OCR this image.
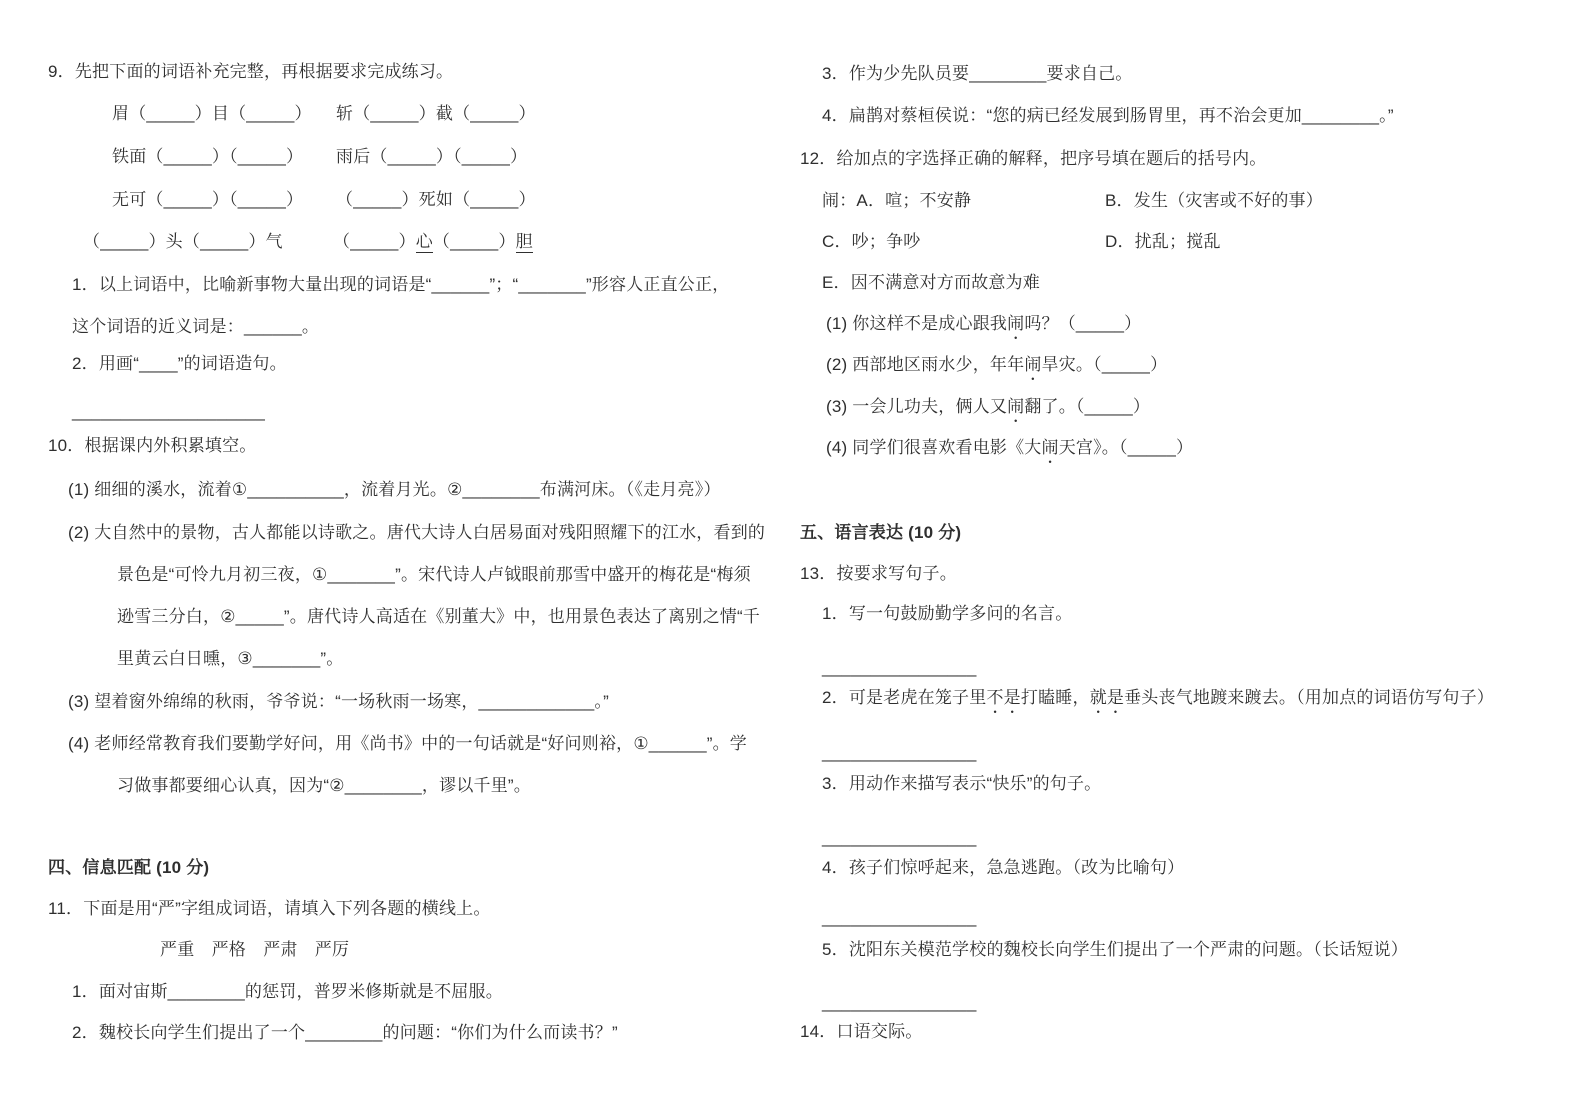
9．先把下面的词语补充完整，再根据要求完成练习。
眉（_____）目（_____） 斩（_____）截（_____）
铁面（_____）（_____） 雨后（_____）（_____）
无可（_____）（_____） （_____）死如（_____）
（_____）头（_____）气	（_____）心（_____）胆
1．以上词语中，比喻新事物大量出现的词语是“______”；“_______”形容人正直公正，
这个词语的近义词是：______。
2．用画“____”的词语造句。
____________________
10．根据课内外积累填空。
(1) 细细的溪水，流着①__________，流着月光。②________布满河床。（《走月亮》）
(2) 大自然中的景物，古人都能以诗歌之。唐代大诗人白居易面对残阳照耀下的江水，看到的
景色是“可怜九月初三夜，①_______”。宋代诗人卢钺眼前那雪中盛开的梅花是“梅须
逊雪三分白，②_____”。唐代诗人高适在《别董大》中，也用景色表达了离别之情“千
里黄云白日曛，③_______”。
(3) 望着窗外绵绵的秋雨，爷爷说：“一场秋雨一场寒，____________。”
(4) 老师经常教育我们要勤学好问，用《尚书》中的一句话就是“好问则裕，①______”。学
习做事都要细心认真，因为“②________，谬以千里”。
四、信息匹配 (10 分)
11．下面是用“严”字组成词语，请填入下列各题的横线上。
严重　严格　严肃　严厉
1．面对宙斯________的惩罚，普罗米修斯就是不屈服。
2．魏校长向学生们提出了一个________的问题：“你们为什么而读书？”
3．作为少先队员要________要求自己。
4．扁鹊对蔡桓侯说：“您的病已经发展到肠胃里，再不治会更加________。”
12．给加点的字选择正确的解释，把序号填在题后的括号内。
闹：A．喧；不安静	B．发生（灾害或不好的事）
C．吵；争吵	D．扰乱；搅乱
E．因不满意对方而故意为难
(1) 你这样不是成心跟我闹吗？（_____）
(2) 西部地区雨水少，年年闹旱灾。（_____）
(3) 一会儿功夫，俩人又闹翻了。（_____）
(4) 同学们很喜欢看电影《大闹天宫》。（_____）
五、语言表达 (10 分)
13．按要求写句子。
1．写一句鼓励勤学多问的名言。
________________
2．可是老虎在笼子里不是打瞌睡，就是垂头丧气地踱来踱去。（用加点的词语仿写句子）
________________
3．用动作来描写表示“快乐”的句子。
________________
4．孩子们惊呼起来，急急逃跑。（改为比喻句）
________________
5．沈阳东关模范学校的魏校长向学生们提出了一个严肃的问题。（长话短说）
________________
14．口语交际。
